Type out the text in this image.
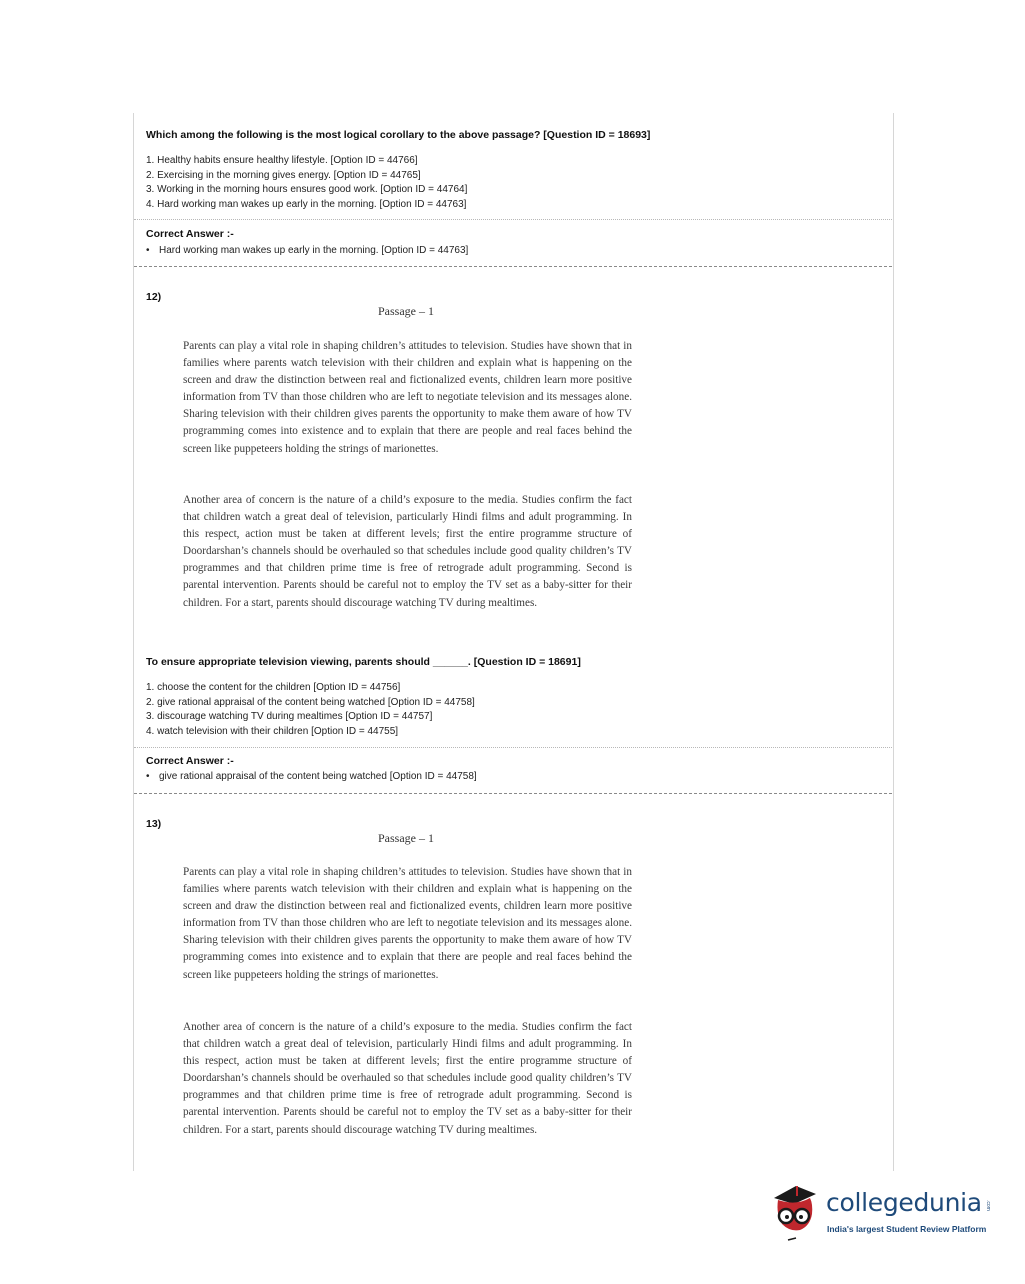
Which among the following is the most logical corollary to the above passage? [Question ID = 18693]
1. Healthy habits ensure healthy lifestyle. [Option ID = 44766]
2. Exercising in the morning gives energy. [Option ID = 44765]
3. Working in the morning hours ensures good work. [Option ID = 44764]
4. Hard working man wakes up early in the morning. [Option ID = 44763]
Correct Answer :-
• Hard working man wakes up early in the morning. [Option ID = 44763]
12)
Passage – 1
Parents can play a vital role in shaping children’s attitudes to television. Studies have shown that in families where parents watch television with their children and explain what is happening on the screen and draw the distinction between real and fictionalized events, children learn more positive information from TV than those children who are left to negotiate television and its messages alone. Sharing television with their children gives parents the opportunity to make them aware of how TV programming comes into existence and to explain that there are people and real faces behind the screen like puppeteers holding the strings of marionettes.
Another area of concern is the nature of a child’s exposure to the media. Studies confirm the fact that children watch a great deal of television, particularly Hindi films and adult programming. In this respect, action must be taken at different levels; first the entire programme structure of Doordarshan’s channels should be overhauled so that schedules include good quality children’s TV programmes and that children prime time is free of retrograde adult programming. Second is parental intervention. Parents should be careful not to employ the TV set as a baby-sitter for their children. For a start, parents should discourage watching TV during mealtimes.
To ensure appropriate television viewing, parents should ______. [Question ID = 18691]
1. choose the content for the children [Option ID = 44756]
2. give rational appraisal of the content being watched [Option ID = 44758]
3. discourage watching TV during mealtimes [Option ID = 44757]
4. watch television with their children [Option ID = 44755]
Correct Answer :-
• give rational appraisal of the content being watched [Option ID = 44758]
13)
Passage – 1
Parents can play a vital role in shaping children’s attitudes to television. Studies have shown that in families where parents watch television with their children and explain what is happening on the screen and draw the distinction between real and fictionalized events, children learn more positive information from TV than those children who are left to negotiate television and its messages alone. Sharing television with their children gives parents the opportunity to make them aware of how TV programming comes into existence and to explain that there are people and real faces behind the screen like puppeteers holding the strings of marionettes.
Another area of concern is the nature of a child’s exposure to the media. Studies confirm the fact that children watch a great deal of television, particularly Hindi films and adult programming. In this respect, action must be taken at different levels; first the entire programme structure of Doordarshan’s channels should be overhauled so that schedules include good quality children’s TV programmes and that children prime time is free of retrograde adult programming. Second is parental intervention. Parents should be careful not to employ the TV set as a baby-sitter for their children. For a start, parents should discourage watching TV during mealtimes.
collegedunia .com
India's largest Student Review Platform
